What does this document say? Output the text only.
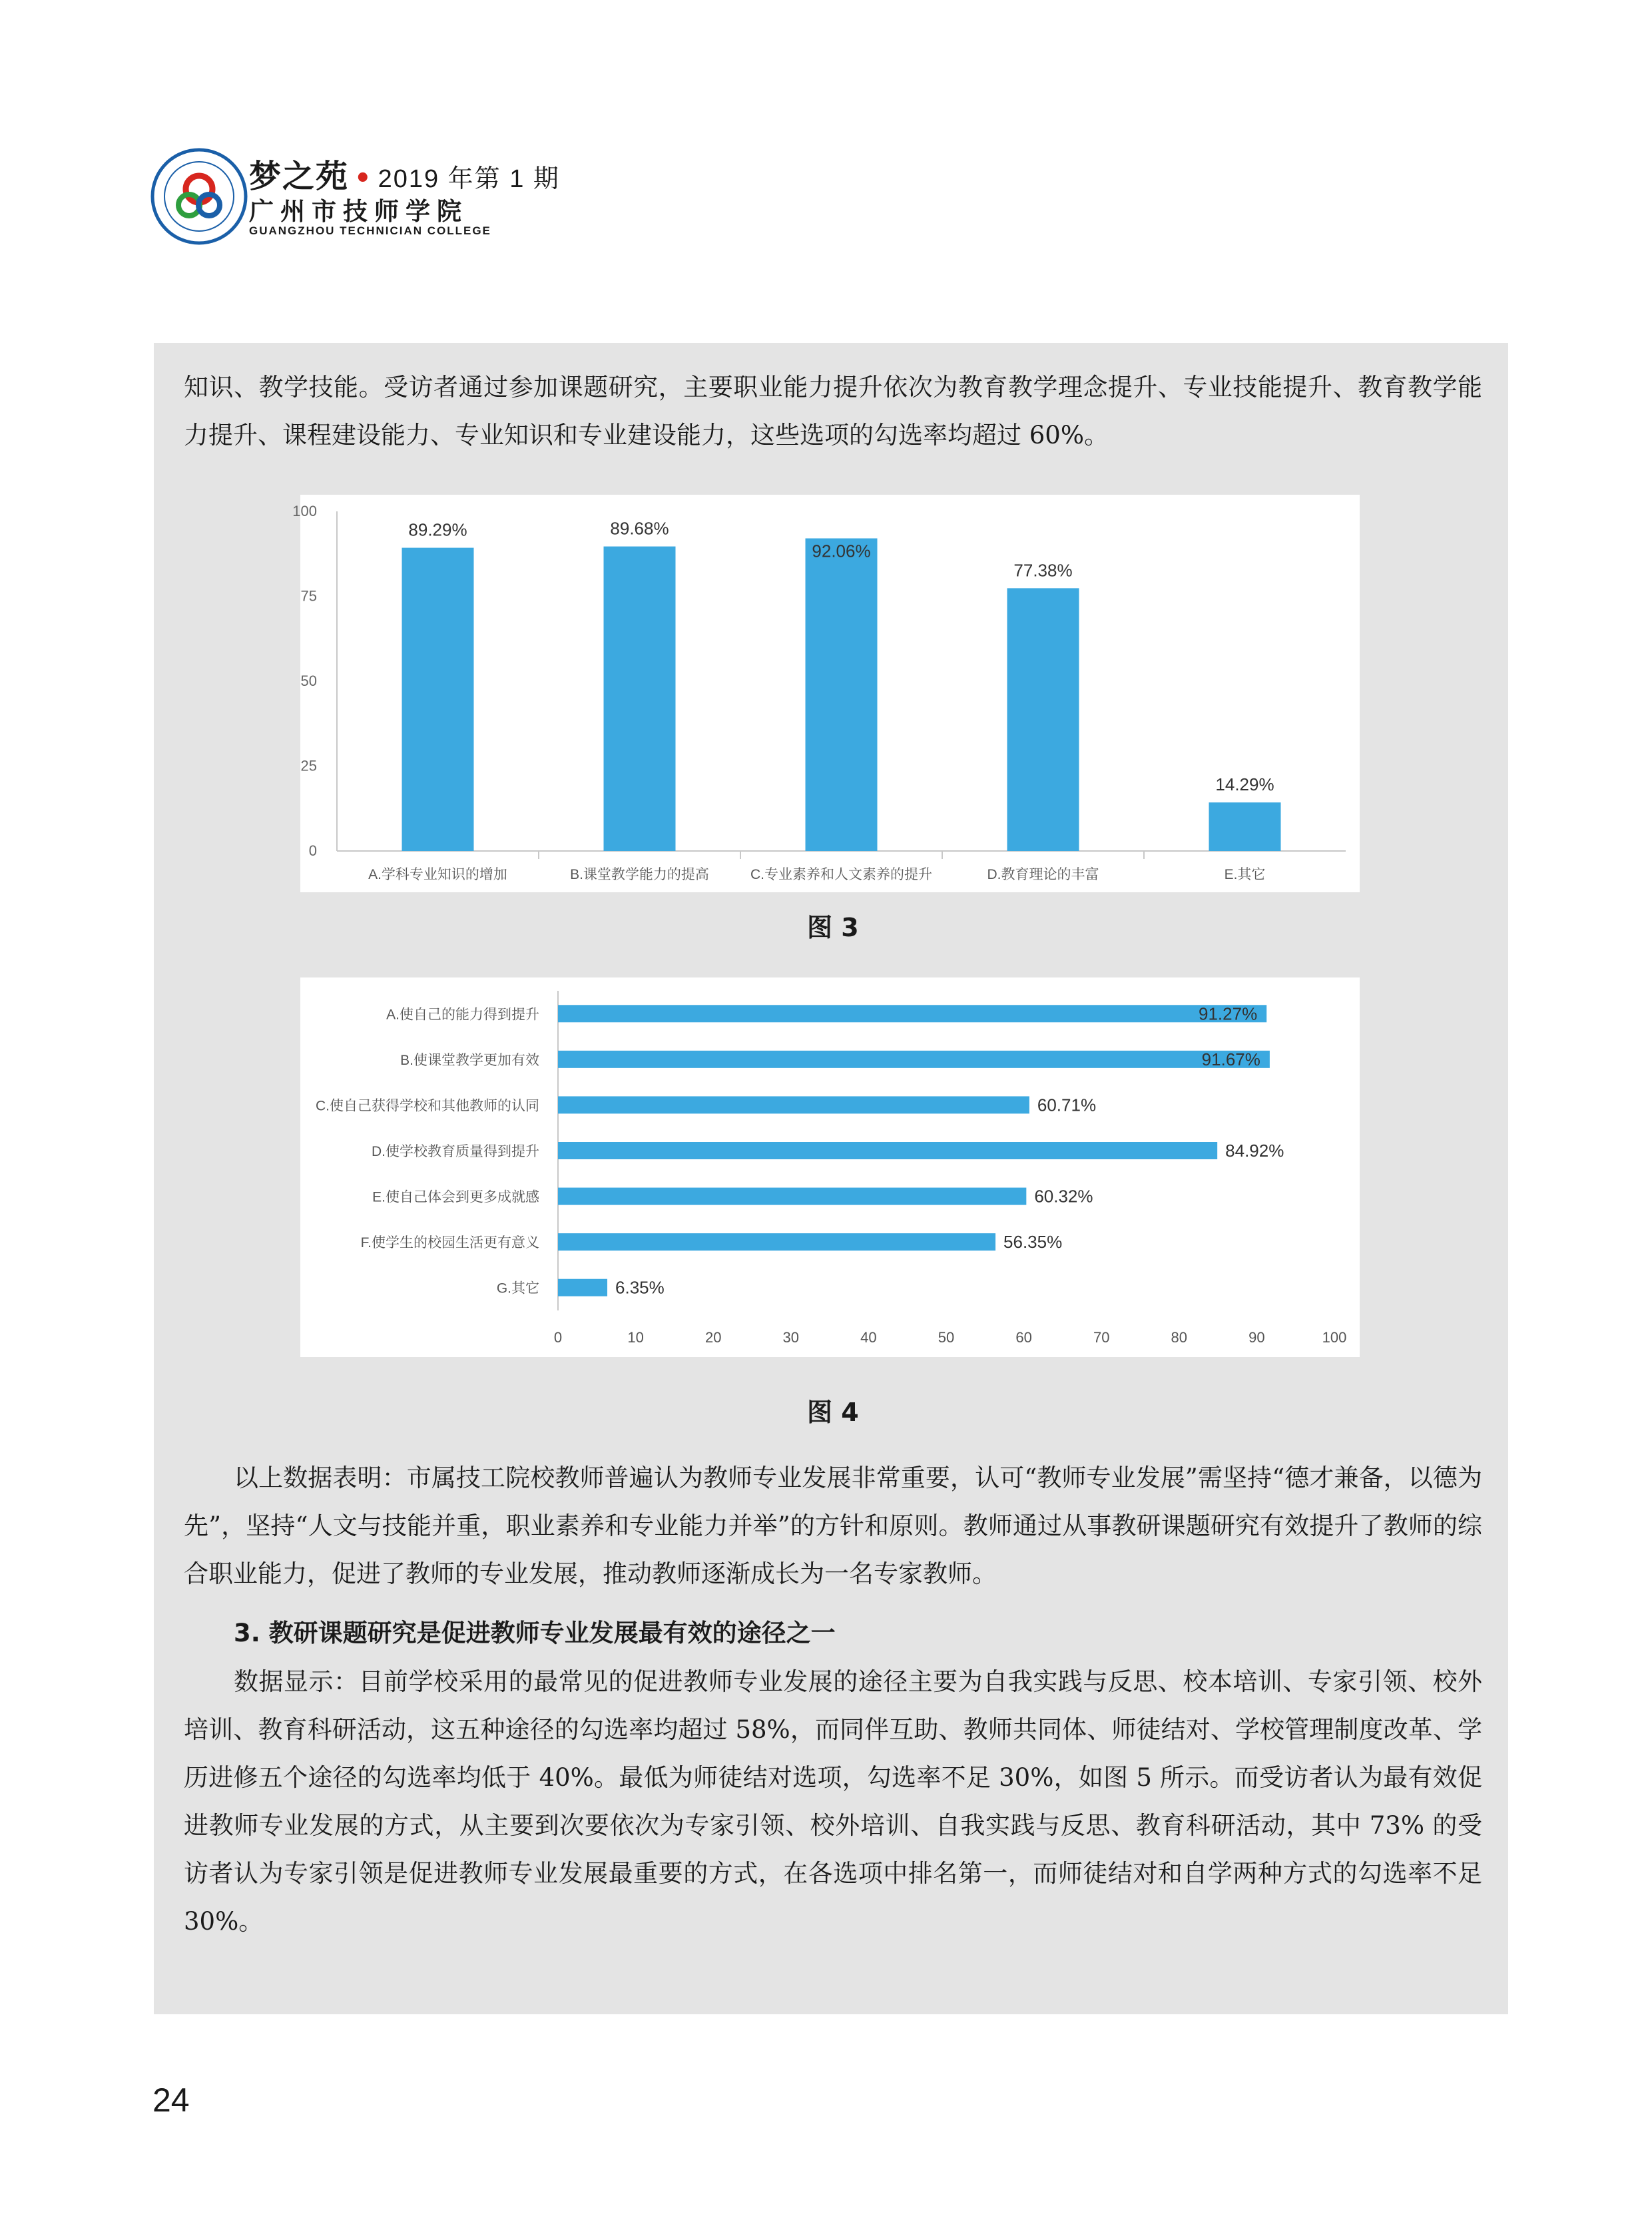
梦之苑 • 2019 年第 1 期
广州市技师学院
GUANGZHOU TECHNICIAN COLLEGE
知识、教学技能。受访者通过参加课题研究，主要职业能力提升依次为教育教学理念提升、专业技能提升、教育教学能力提升、课程建设能力、专业知识和专业建设能力，这些选项的勾选率均超过 60%。
0
25
50
75
100
89.29%
A.学科专业知识的增加
89.68%
B.课堂教学能力的提高
92.06%
C.专业素养和人文素养的提升
77.38%
D.教育理论的丰富
14.29%
E.其它
图 3
A.使自己的能力得到提升	91.27%
B.使课堂教学更加有效	91.67%
C.使自己获得学校和其他教师的认同	60.71%
D.使学校教育质量得到提升	84.92%
E.使自己体会到更多成就感	60.32%
F.使学生的校园生活更有意义	56.35%
G.其它	6.35%
0	10	20	30	40	50	60	70	80	90	100
图 4
以上数据表明：市属技工院校教师普遍认为教师专业发展非常重要，认可“教师专业发展”需坚持“德才兼备，以德为先”，坚持“人文与技能并重，职业素养和专业能力并举”的方针和原则。教师通过从事教研课题研究有效提升了教师的综合职业能力，促进了教师的专业发展，推动教师逐渐成长为一名专家教师。
3. 教研课题研究是促进教师专业发展最有效的途径之一
数据显示：目前学校采用的最常见的促进教师专业发展的途径主要为自我实践与反思、校本培训、专家引领、校外培训、教育科研活动，这五种途径的勾选率均超过 58%，而同伴互助、教师共同体、师徒结对、学校管理制度改革、学历进修五个途径的勾选率均低于 40%。最低为师徒结对选项，勾选率不足 30%，如图 5 所示。而受访者认为最有效促进教师专业发展的方式，从主要到次要依次为专家引领、校外培训、自我实践与反思、教育科研活动，其中 73% 的受访者认为专家引领是促进教师专业发展最重要的方式，在各选项中排名第一，而师徒结对和自学两种方式的勾选率不足 30%。
24
